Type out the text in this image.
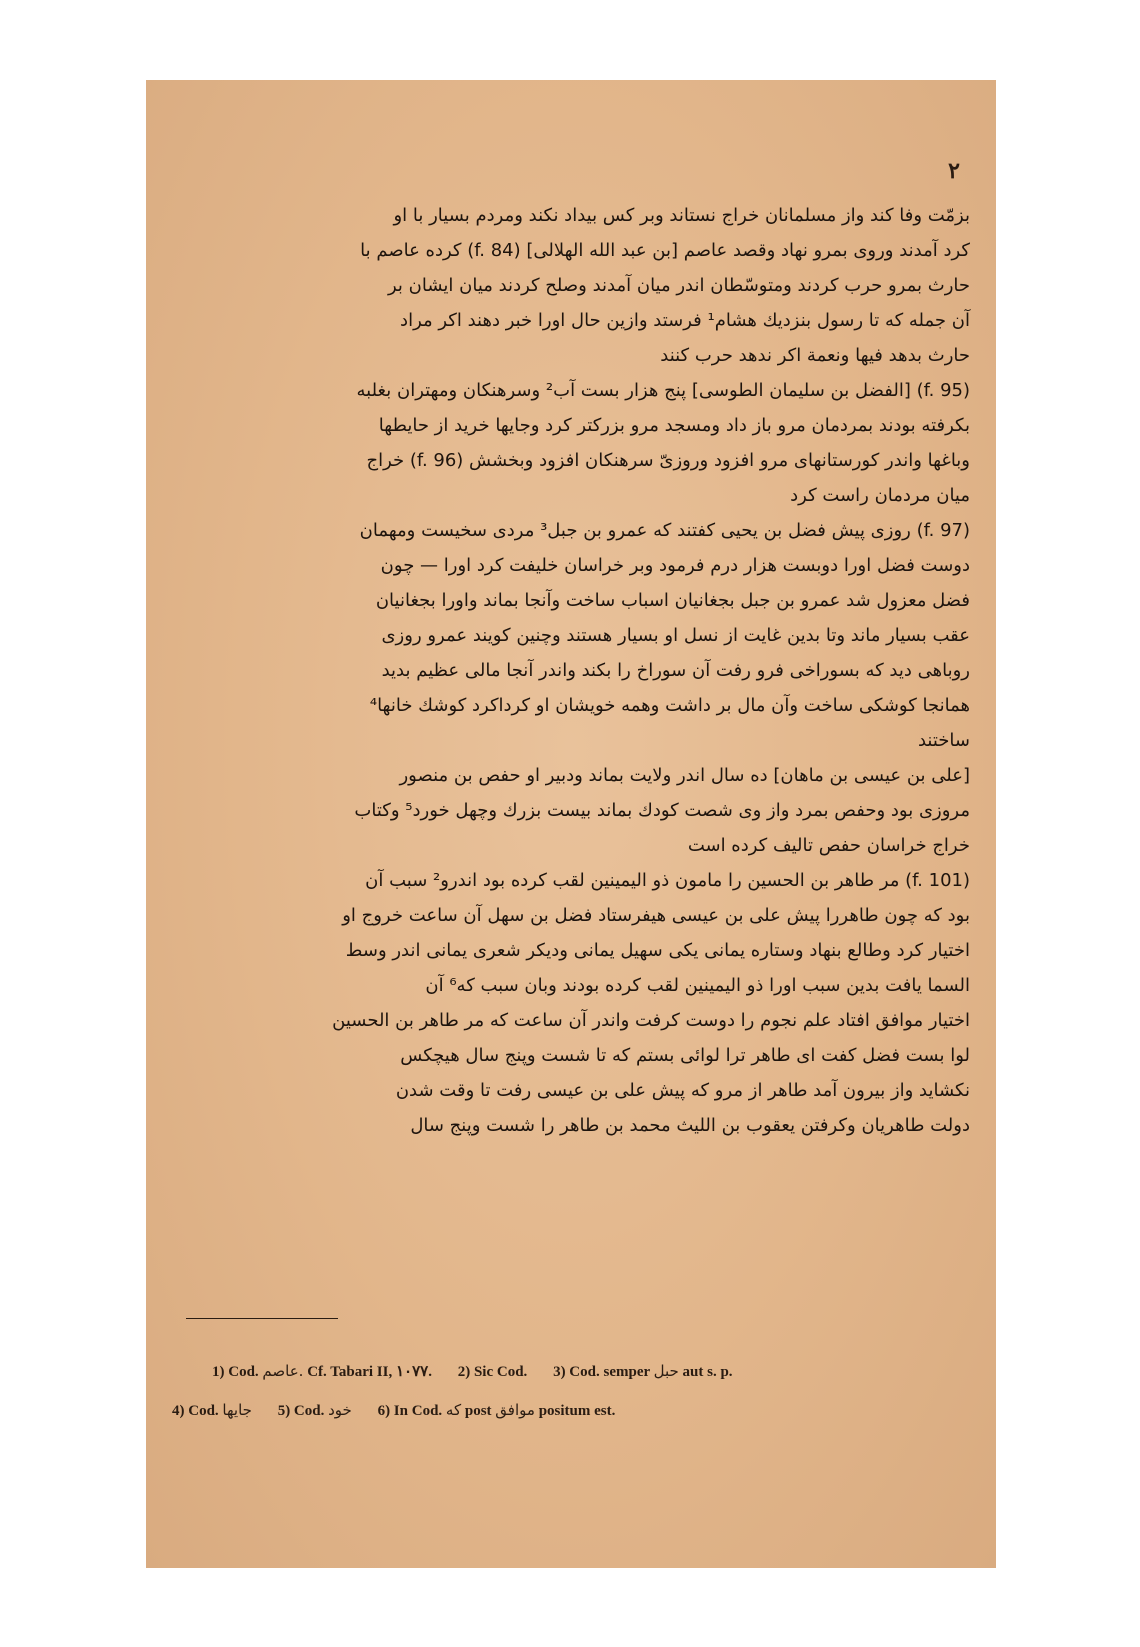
۲

بزمّت وفا کند واز مسلمانان خراج نستاند وبر کس بیداد نکند ومردم بسیار با او
کرد آمدند وروی بمرو نهاد وقصد عاصم [بن عبد الله الهلالی] (f. 84) کرده عاصم با
حارث بمرو حرب کردند ومتوسّطان اندر میان آمدند وصلح کردند میان ایشان بر
آن جمله که تا رسول بنزدیك هشام¹ فرستد وازین حال اورا خبر دهند اکر مراد
حارث بدهد فیها ونعمة اکر ندهد حرب کنند

(f. 95) [الفضل بن سلیمان الطوسی] پنج هزار بست آب² وسرهنکان ومهتران بغلبه
بکرفته بودند بمردمان مرو باز داد ومسجد مرو بزرکتر کرد وجایها خرید از حایطها
وباغها واندر کورستانهای مرو افزود وروزیّ سرهنکان افزود وبخشش (f. 96) خراج
میان مردمان راست کرد

(f. 97) روزی پیش فضل بن یحیی کفتند که عمرو بن جبل³ مردی سخیست ومهمان
دوست فضل اورا دوبست هزار درم فرمود وبر خراسان خلیفت کرد اورا — چون
فضل معزول شد عمرو بن جبل بجغانیان اسباب ساخت وآنجا بماند واورا بجغانیان
عقب بسیار ماند وتا بدین غایت از نسل او بسیار هستند وچنین کویند عمرو روزی
روباهی دید که بسوراخی فرو رفت آن سوراخ را بکند واندر آنجا مالی عظیم بدید
همانجا کوشکی ساخت وآن مال بر داشت وهمه خویشان او کرداکرد کوشك خانها⁴
ساختند

[علی بن عیسی بن ماهان] ده سال اندر ولایت بماند ودبیر او حفص بن منصور
مروزی بود وحفص بمرد واز وی شصت کودك بماند بیست بزرك وچهل خورد⁵ وکتاب
خراج خراسان حفص تالیف کرده است

(f. 101) مر طاهر بن الحسین را مامون ذو الیمینین لقب کرده بود اندرو² سبب آن
بود که چون طاهررا پیش علی بن عیسی هیفرستاد فضل بن سهل آن ساعت خروج او
اختیار کرد وطالع بنهاد وستاره یمانی یکی سهیل یمانی ودیکر شعری یمانی اندر وسط
السما یافت بدین سبب اورا ذو الیمینین لقب کرده بودند وبان سبب که⁶ آن
اختیار موافق افتاد علم نجوم را دوست کرفت واندر آن ساعت که مر طاهر بن الحسین
لوا بست فضل کفت ای طاهر ترا لوائی بستم که تا شست وپنج سال هیچکس
نکشاید واز بیرون آمد طاهر از مرو که پیش علی بن عیسی رفت تا وقت شدن
دولت طاهریان وکرفتن یعقوب بن اللیث محمد بن طاهر را شست وپنج سال

1) Cod. عاصم. Cf. Tabari II, ١٠٧٧. 2) Sic Cod. 3) Cod. semper حبل aut s. p.

4) Cod. جایها 5) Cod. خود 6) In Cod. که post موافق positum est.
